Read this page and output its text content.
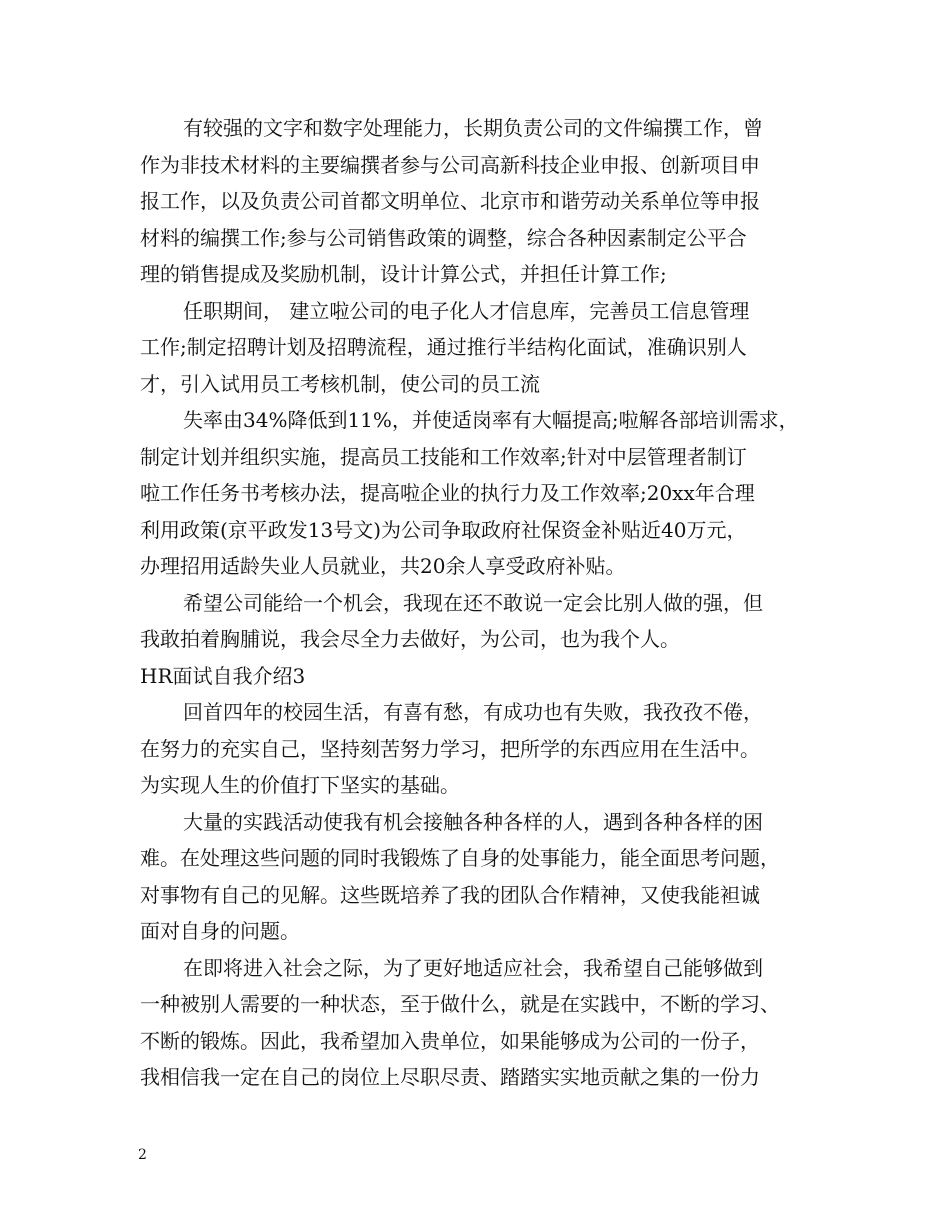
有较强的文字和数字处理能力，长期负责公司的文件编撰工作，曾
作为非技术材料的主要编撰者参与公司高新科技企业申报、创新项目申
报工作，以及负责公司首都文明单位、北京市和谐劳动关系单位等申报
材料的编撰工作;参与公司销售政策的调整，综合各种因素制定公平合
理的销售提成及奖励机制，设计计算公式，并担任计算工作;
任职期间， 建立啦公司的电子化人才信息库，完善员工信息管理
工作;制定招聘计划及招聘流程，通过推行半结构化面试，准确识别人
才，引入试用员工考核机制，使公司的员工流
失率由34%降低到11%，并使适岗率有大幅提高;啦解各部培训需求，
制定计划并组织实施，提高员工技能和工作效率;针对中层管理者制订
啦工作任务书考核办法，提高啦企业的执行力及工作效率;20xx年合理
利用政策(京平政发13号文)为公司争取政府社保资金补贴近40万元，
办理招用适龄失业人员就业，共20余人享受政府补贴。
希望公司能给一个机会，我现在还不敢说一定会比别人做的强，但
我敢拍着胸脯说，我会尽全力去做好，为公司，也为我个人。
HR面试自我介绍3
回首四年的校园生活，有喜有愁，有成功也有失败，我孜孜不倦，
在努力的充实自己，坚持刻苦努力学习，把所学的东西应用在生活中。
为实现人生的价值打下坚实的基础。
大量的实践活动使我有机会接触各种各样的人，遇到各种各样的困
难。在处理这些问题的同时我锻炼了自身的处事能力，能全面思考问题，
对事物有自己的见解。这些既培养了我的团队合作精神，又使我能袒诚
面对自身的问题。
在即将进入社会之际，为了更好地适应社会，我希望自己能够做到
一种被别人需要的一种状态，至于做什么，就是在实践中，不断的学习、
不断的锻炼。因此，我希望加入贵单位，如果能够成为公司的一份子，
我相信我一定在自己的岗位上尽职尽责、踏踏实实地贡献之集的一份力
2
